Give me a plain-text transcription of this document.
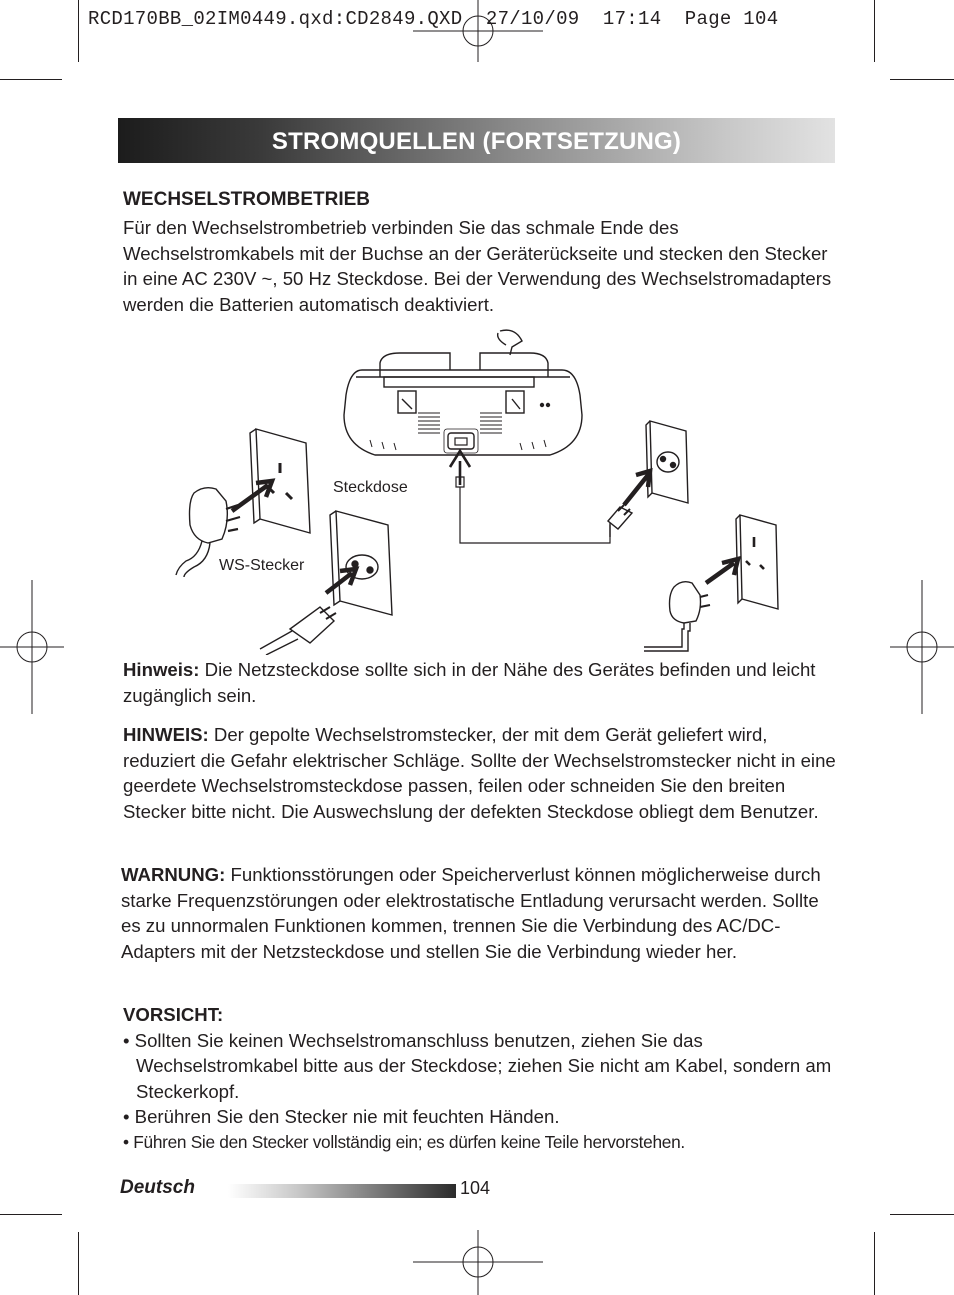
RCD170BB_02IM0449.qxd:CD2849.QXD  27/10/09  17:14  Page 104
STROMQUELLEN (FORTSETZUNG)
WECHSELSTROMBETRIEB
Für den Wechselstrombetrieb verbinden Sie das schmale Ende des Wechselstromkabels mit der Buchse an der Geräterückseite und stecken den Stecker in eine AC 230V ~, 50 Hz Steckdose. Bei der Verwendung des Wechselstromadapters werden die Batterien automatisch deaktiviert.
Steckdose
WS-Stecker
Hinweis: Die Netzsteckdose sollte sich in der Nähe des Gerätes befinden und leicht zugänglich sein.
HINWEIS: Der gepolte Wechselstromstecker, der mit dem Gerät geliefert wird, reduziert die Gefahr elektrischer Schläge. Sollte der Wechselstromstecker nicht in eine geerdete Wechselstromsteckdose passen, feilen oder schneiden Sie den breiten Stecker bitte nicht. Die Auswechslung der defekten Steckdose obliegt dem Benutzer.
WARNUNG: Funktionsstörungen oder Speicherverlust können möglicherweise durch starke Frequenzstörungen oder elektrostatische Entladung verursacht werden. Sollte es zu unnormalen Funktionen kommen, trennen Sie die Verbindung des AC/DC-Adapters mit der Netzsteckdose und stellen Sie die Verbindung wieder her.
VORSICHT:
• Sollten Sie keinen Wechselstromanschluss benutzen, ziehen Sie das Wechselstromkabel bitte aus der Steckdose; ziehen Sie nicht am Kabel, sondern am Steckerkopf.
• Berühren Sie den Stecker nie mit feuchten Händen.
• Führen Sie den Stecker vollständig ein; es dürfen keine Teile hervorstehen.
Deutsch	104
